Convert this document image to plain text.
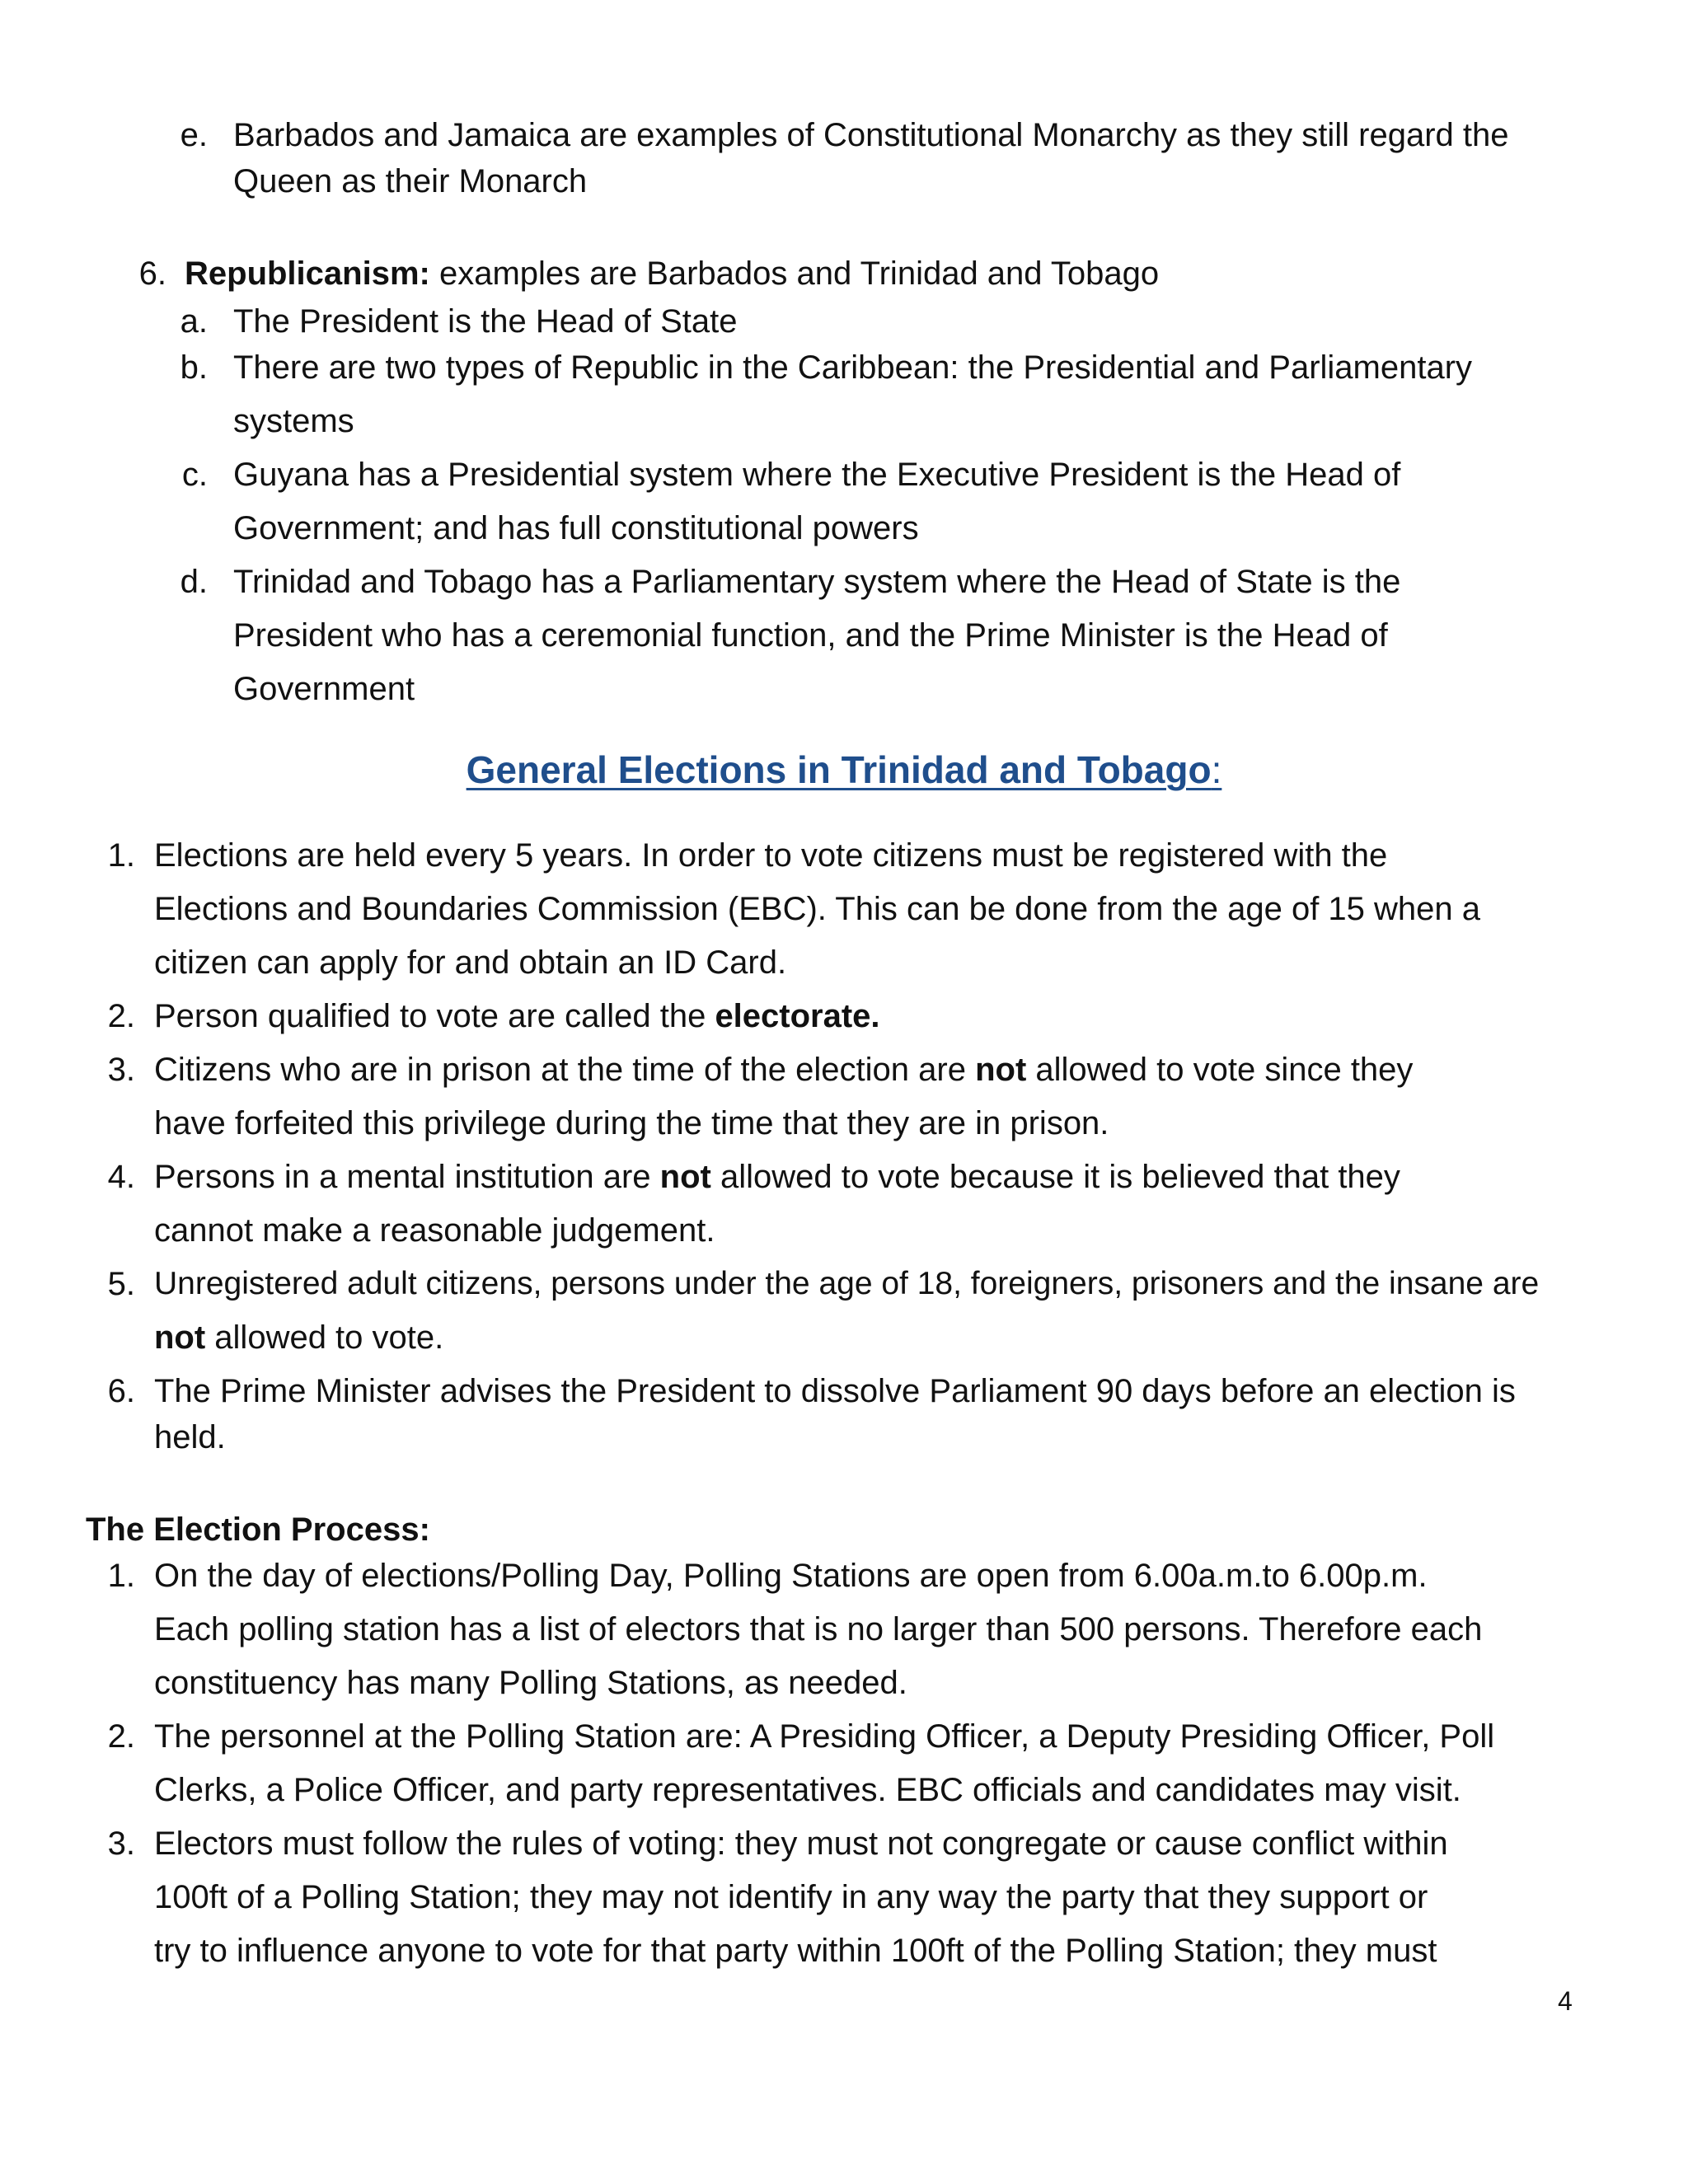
e. Barbados and Jamaica are examples of Constitutional Monarchy as they still regard the
Queen as their Monarch
6. Republicanism: examples are Barbados and Trinidad and Tobago
a. The President is the Head of State
b. There are two types of Republic in the Caribbean: the Presidential and Parliamentary
systems
c. Guyana has a Presidential system where the Executive President is the Head of
Government; and has full constitutional powers
d. Trinidad and Tobago has a Parliamentary system where the Head of State is the
President who has a ceremonial function, and the Prime Minister is the Head of
Government
General Elections in Trinidad and Tobago:
1. Elections are held every 5 years. In order to vote citizens must be registered with the
Elections and Boundaries Commission (EBC). This can be done from the age of 15 when a
citizen can apply for and obtain an ID Card.
2. Person qualified to vote are called the electorate.
3. Citizens who are in prison at the time of the election are not allowed to vote since they
have forfeited this privilege during the time that they are in prison.
4. Persons in a mental institution are not allowed to vote because it is believed that they
cannot make a reasonable judgement.
5. Unregistered adult citizens, persons under the age of 18, foreigners, prisoners and the insane are
not allowed to vote.
6. The Prime Minister advises the President to dissolve Parliament 90 days before an election is
held.
The Election Process:
1. On the day of elections/Polling Day, Polling Stations are open from 6.00a.m.to 6.00p.m.
Each polling station has a list of electors that is no larger than 500 persons. Therefore each
constituency has many Polling Stations, as needed.
2. The personnel at the Polling Station are: A Presiding Officer, a Deputy Presiding Officer, Poll
Clerks, a Police Officer, and party representatives. EBC officials and candidates may visit.
3. Electors must follow the rules of voting: they must not congregate or cause conflict within
100ft of a Polling Station; they may not identify in any way the party that they support or
try to influence anyone to vote for that party within 100ft of the Polling Station; they must
4
